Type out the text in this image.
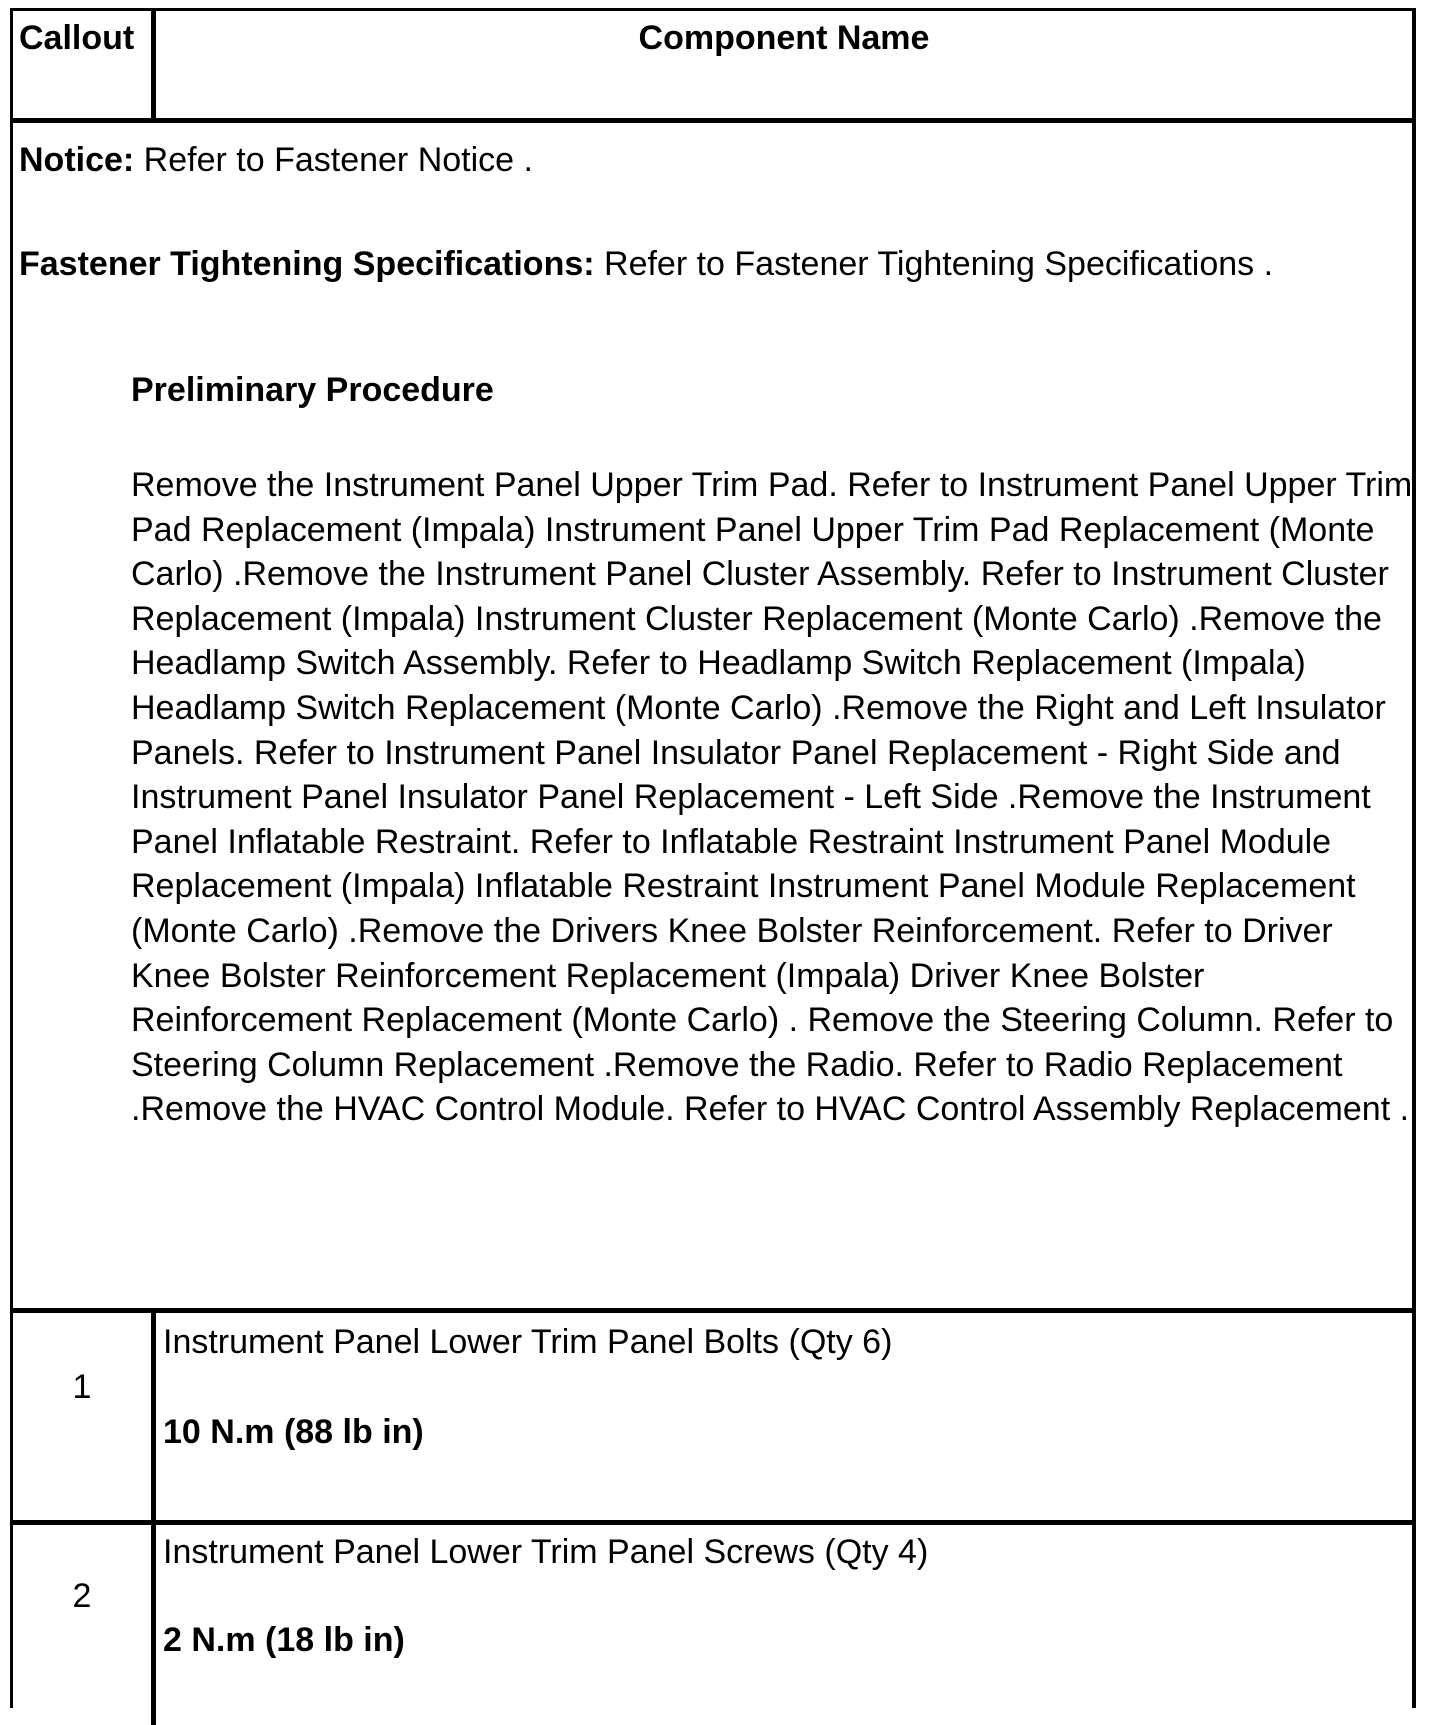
Callout	Component Name
Notice: Refer to Fastener Notice .
Fastener Tightening Specifications: Refer to Fastener Tightening Specifications .
Preliminary Procedure
Remove the Instrument Panel Upper Trim Pad. Refer to Instrument Panel Upper Trim Pad Replacement (Impala) Instrument Panel Upper Trim Pad Replacement (Monte Carlo) .Remove the Instrument Panel Cluster Assembly. Refer to Instrument Cluster Replacement (Impala) Instrument Cluster Replacement (Monte Carlo) .Remove the Headlamp Switch Assembly. Refer to Headlamp Switch Replacement (Impala) Headlamp Switch Replacement (Monte Carlo) .Remove the Right and Left Insulator Panels. Refer to Instrument Panel Insulator Panel Replacement - Right Side and Instrument Panel Insulator Panel Replacement - Left Side .Remove the Instrument Panel Inflatable Restraint. Refer to Inflatable Restraint Instrument Panel Module Replacement (Impala) Inflatable Restraint Instrument Panel Module Replacement (Monte Carlo) .Remove the Drivers Knee Bolster Reinforcement. Refer to Driver Knee Bolster Reinforcement Replacement (Impala) Driver Knee Bolster Reinforcement Replacement (Monte Carlo) . Remove the Steering Column. Refer to Steering Column Replacement .Remove the Radio. Refer to Radio Replacement .Remove the HVAC Control Module. Refer to HVAC Control Assembly Replacement .
1
Instrument Panel Lower Trim Panel Bolts (Qty 6)
10 N.m (88 lb in)
2
Instrument Panel Lower Trim Panel Screws (Qty 4)
2 N.m (18 lb in)
